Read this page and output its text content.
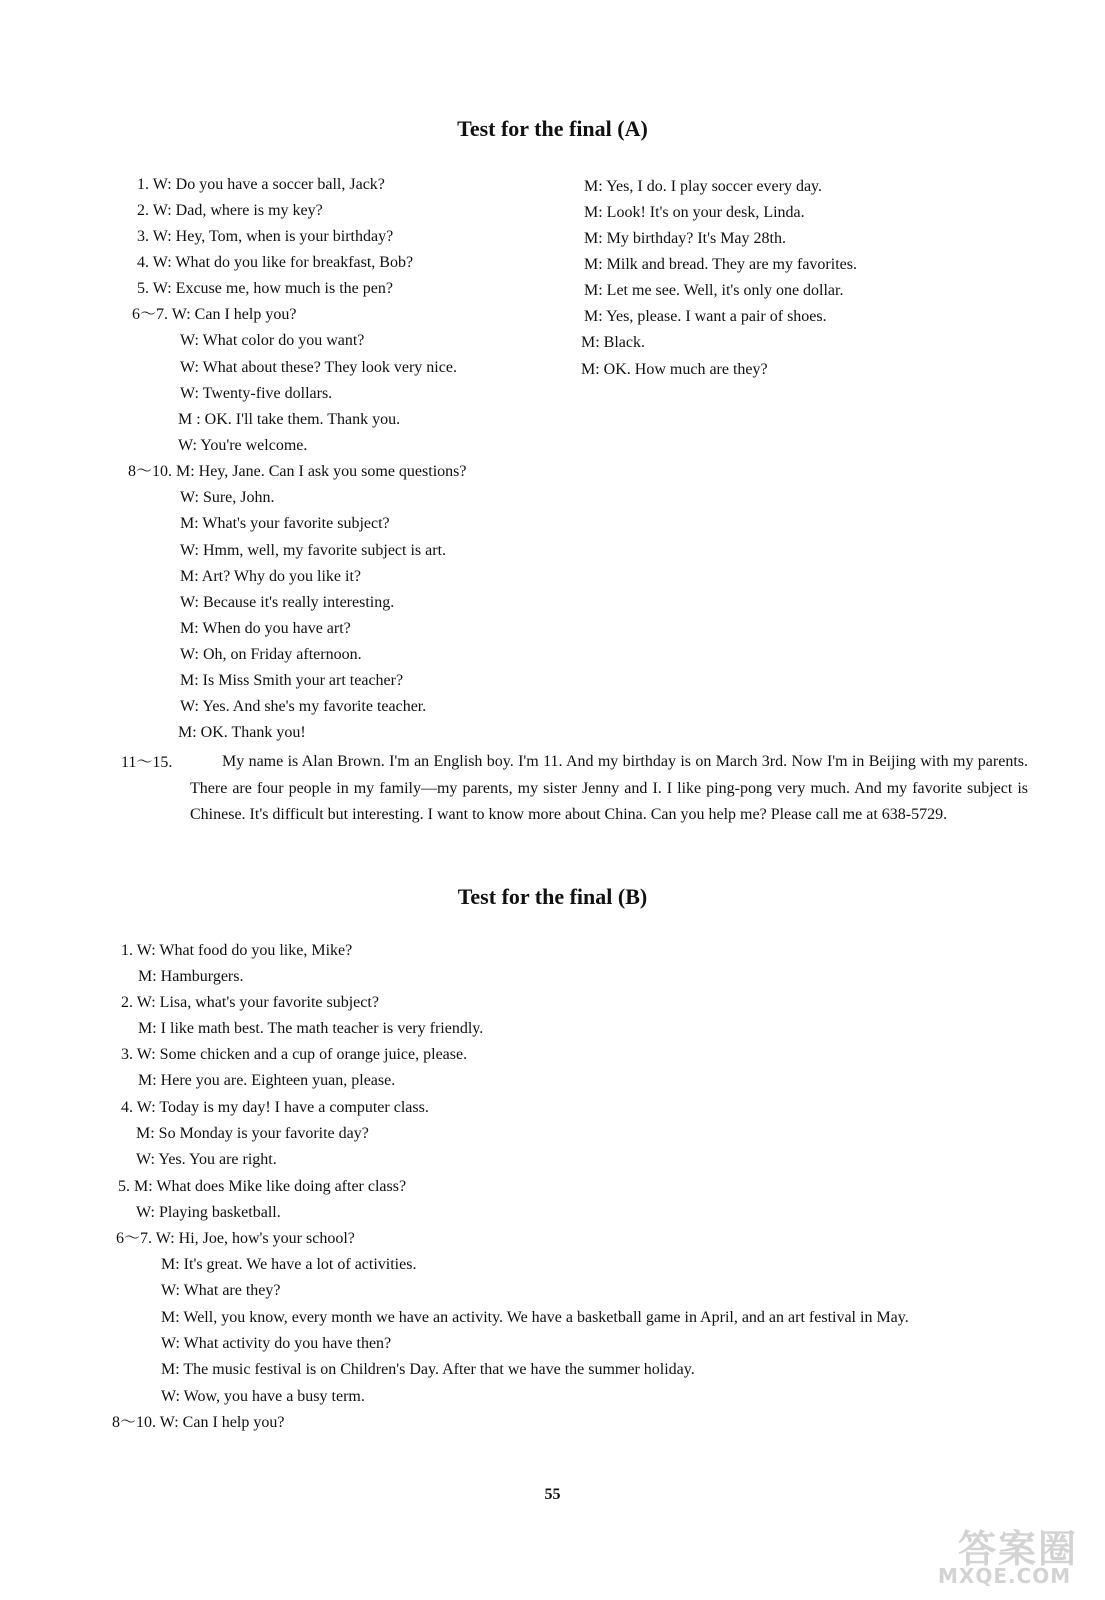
Test for the final (A)
1. W: Do you have a soccer ball, Jack?
2. W: Dad, where is my key?
3. W: Hey, Tom, when is your birthday?
4. W: What do you like for breakfast, Bob?
5. W: Excuse me, how much is the pen?
6～7. W: Can I help you?
W: What color do you want?
W: What about these? They look very nice.
W: Twenty-five dollars.
M : OK. I'll take them. Thank you.
W: You're welcome.
8～10. M: Hey, Jane. Can I ask you some questions?
W: Sure, John.
M: What's your favorite subject?
W: Hmm, well, my favorite subject is art.
M: Art? Why do you like it?
W: Because it's really interesting.
M: When do you have art?
W: Oh, on Friday afternoon.
M: Is Miss Smith your art teacher?
W: Yes. And she's my favorite teacher.
M: OK. Thank you!
M: Yes, I do. I play soccer every day.
M: Look! It's on your desk, Linda.
M: My birthday? It's May 28th.
M: Milk and bread. They are my favorites.
M: Let me see. Well, it's only one dollar.
M: Yes, please. I want a pair of shoes.
M: Black.
M: OK. How much are they?
11～15.	My name is Alan Brown. I'm an English boy. I'm 11. And my birthday is on March 3rd. Now I'm in Beijing with my parents. There are four people in my family—my parents, my sister Jenny and I. I like ping-pong very much. And my favorite subject is Chinese. It's difficult but interesting. I want to know more about China. Can you help me? Please call me at 638-5729.
Test for the final (B)
1. W: What food do you like, Mike?
M: Hamburgers.
2. W: Lisa, what's your favorite subject?
M: I like math best. The math teacher is very friendly.
3. W: Some chicken and a cup of orange juice, please.
M: Here you are. Eighteen yuan, please.
4. W: Today is my day! I have a computer class.
M: So Monday is your favorite day?
W: Yes. You are right.
5. M: What does Mike like doing after class?
W: Playing basketball.
6～7. W: Hi, Joe, how's your school?
M: It's great. We have a lot of activities.
W: What are they?
M: Well, you know, every month we have an activity. We have a basketball game in April, and an art festival in May.
W: What activity do you have then?
M: The music festival is on Children's Day. After that we have the summer holiday.
W: Wow, you have a busy term.
8～10. W: Can I help you?
55
答案圈
MXQE.COM
